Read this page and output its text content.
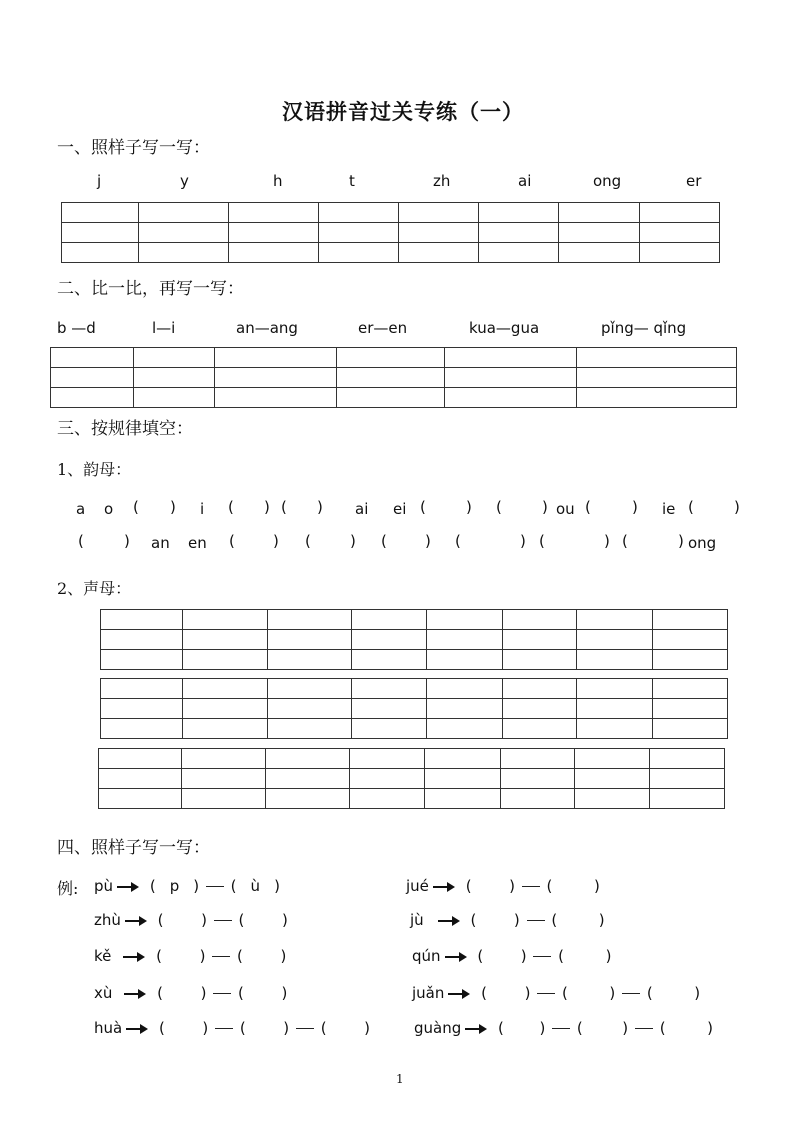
汉语拼音过关专练（一）
一、照样子写一写：
j	y	h	t	zh	ai	ong	er

二、比一比，再写一写：
b —d	l—i	an—ang	er—en	kua—gua	pǐng— qǐng

三、按规律填空：
1、韵母：
a o ( ) i ( ) ( ) ai ei (	) (	) ou (	) ie (	)
(	) an en (	) (	) (	) (	) (	) (	) ong
2、声母：

四、照样子写一写：
例: pù ( p ) ( ù )
zhù (	) (	)
kě	(	) (	)
xù	(	) (	)
huà (	) (	) (	)
jué (	) (	)
jù	(	) (	)
qún (	) (	)
juǎn (	) (	) (	)
guàng ( ) (	) (	)
1
